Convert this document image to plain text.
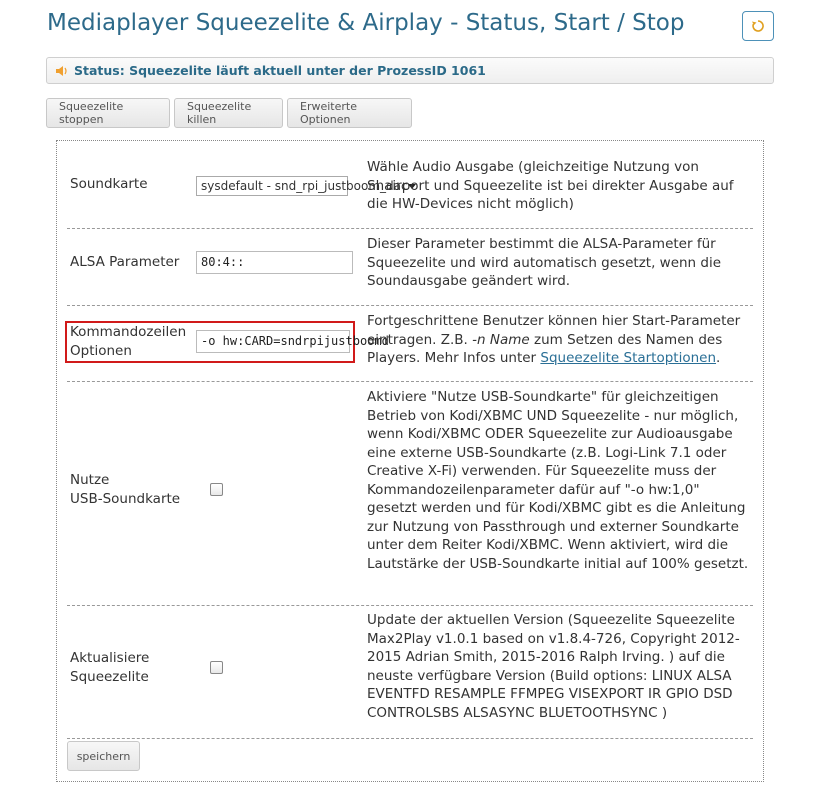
Mediaplayer Squeezelite & Airplay - Status, Start / Stop
Status: Squeezelite läuft aktuell unter der ProzessID 1061
Squeezelite stoppen
Squeezelite killen
Erweiterte Optionen
Soundkarte	sysdefault - snd_rpi_justboom_dac
Wähle Audio Ausgabe (gleichzeitige Nutzung von Shairport und Squeezelite ist bei direkter Ausgabe auf die HW-Devices nicht möglich)
ALSA Parameter	80:4::
Dieser Parameter bestimmt die ALSA-Parameter für Squeezelite und wird automatisch gesetzt, wenn die Soundausgabe geändert wird.
Kommandozeilen
Optionen
-o hw:CARD=sndrpijustboomd
Fortgeschrittene Benutzer können hier Start-Parameter eintragen. Z.B. -n Name zum Setzen des Namen des Players. Mehr Infos unter Squeezelite Startoptionen.
Nutze
USB-Soundkarte
Aktiviere "Nutze USB-Soundkarte" für gleichzeitigen Betrieb von Kodi/XBMC UND Squeezelite - nur möglich, wenn Kodi/XBMC ODER Squeezelite zur Audioausgabe eine externe USB-Soundkarte (z.B. Logi-Link 7.1 oder Creative X-Fi) verwenden. Für Squeezelite muss der Kommandozeilenparameter dafür auf "-o hw:1,0" gesetzt werden und für Kodi/XBMC gibt es die Anleitung zur Nutzung von Passthrough und externer Soundkarte unter dem Reiter Kodi/XBMC. Wenn aktiviert, wird die Lautstärke der USB-Soundkarte initial auf 100% gesetzt.
Aktualisiere
Squeezelite
Update der aktuellen Version (Squeezelite Squeezelite Max2Play v1.0.1 based on v1.8.4-726, Copyright 2012-2015 Adrian Smith, 2015-2016 Ralph Irving. ) auf die neuste verfügbare Version (Build options: LINUX ALSA EVENTFD RESAMPLE FFMPEG VISEXPORT IR GPIO DSD CONTROLSBS ALSASYNC BLUETOOTHSYNC )
speichern
